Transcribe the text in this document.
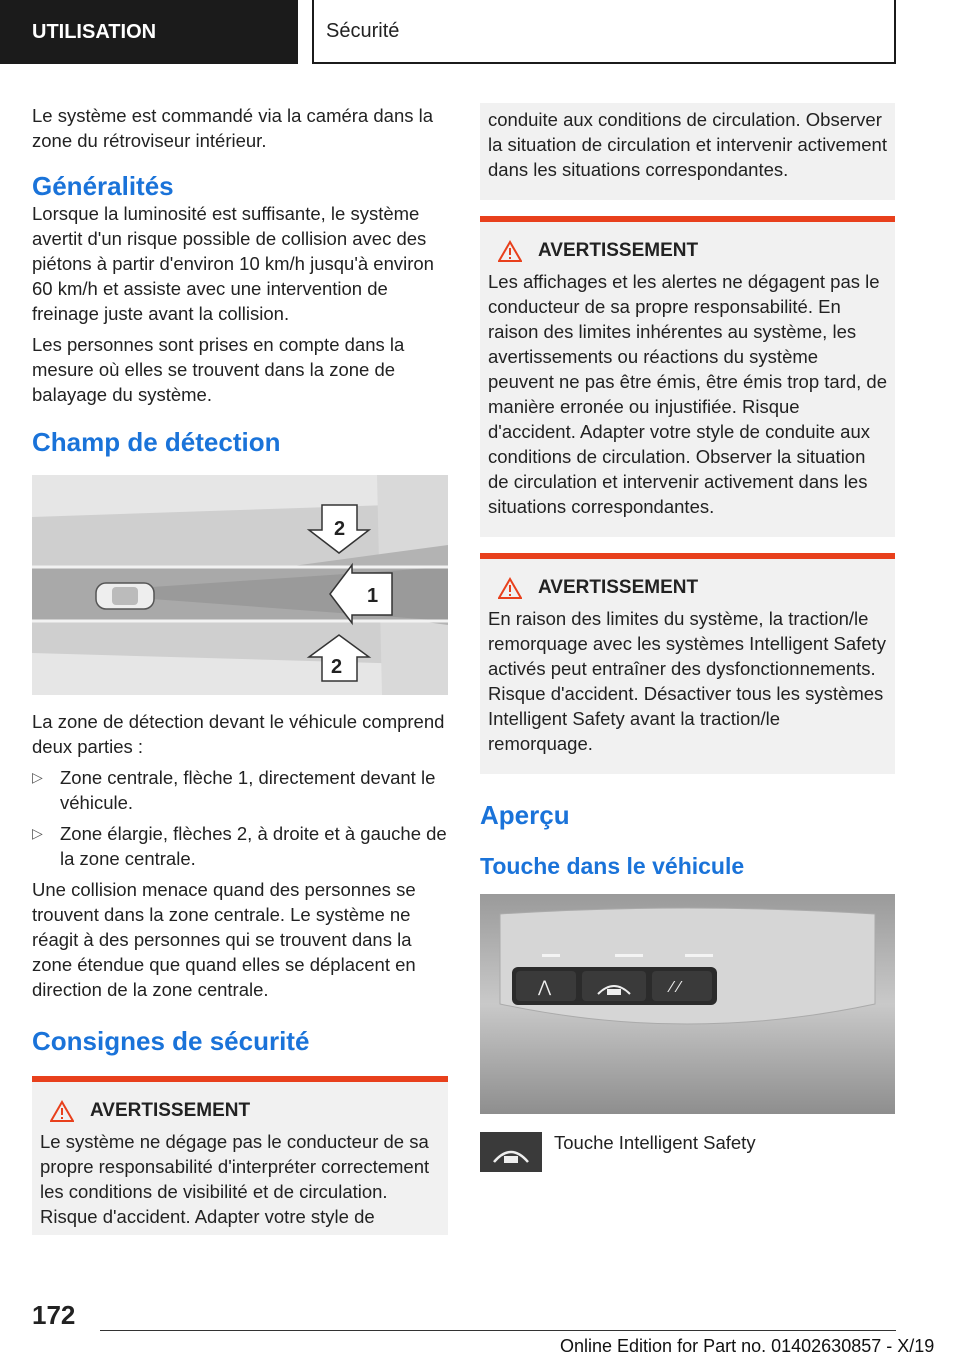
UTILISATION	Sécurité

Le système est commandé via la caméra dans la zone du rétroviseur intérieur.

Généralités

Lorsque la luminosité est suffisante, le système avertit d'un risque possible de collision avec des piétons à partir d'environ 10 km/h jusqu'à environ 60 km/h et assiste avec une intervention de freinage juste avant la collision.

Les personnes sont prises en compte dans la mesure où elles se trouvent dans la zone de balayage du système.

Champ de détection
2
1
2

La zone de détection devant le véhicule comprend deux parties :

▷ Zone centrale, flèche 1, directement devant le véhicule.
▷ Zone élargie, flèches 2, à droite et à gauche de la zone centrale.

Une collision menace quand des personnes se trouvent dans la zone centrale. Le système ne réagit à des personnes qui se trouvent dans la zone étendue que quand elles se déplacent en direction de la zone centrale.

Consignes de sécurité
AVERTISSEMENT
Le système ne dégage pas le conducteur de sa propre responsabilité d'interpréter correctement les conditions de visibilité et de circulation. Risque d'accident. Adapter votre style de
conduite aux conditions de circulation. Observer la situation de circulation et intervenir activement dans les situations correspondantes.
AVERTISSEMENT
Les affichages et les alertes ne dégagent pas le conducteur de sa propre responsabilité. En raison des limites inhérentes au système, les avertissements ou réactions du système peuvent ne pas être émis, être émis trop tard, de manière erronée ou injustifiée. Risque d'accident. Adapter votre style de conduite aux conditions de circulation. Observer la situation de circulation et intervenir activement dans les situations correspondantes.
AVERTISSEMENT
En raison des limites du système, la traction/le remorquage avec les systèmes Intelligent Safety activés peut entraîner des dysfonctionnements. Risque d'accident. Désactiver tous les systèmes Intelligent Safety avant la traction/le remorquage.
Aperçu
Touche dans le véhicule
⋀	⁄ ⁄
Touche Intelligent Safety
172
Online Edition for Part no. 01402630857 - X/19
